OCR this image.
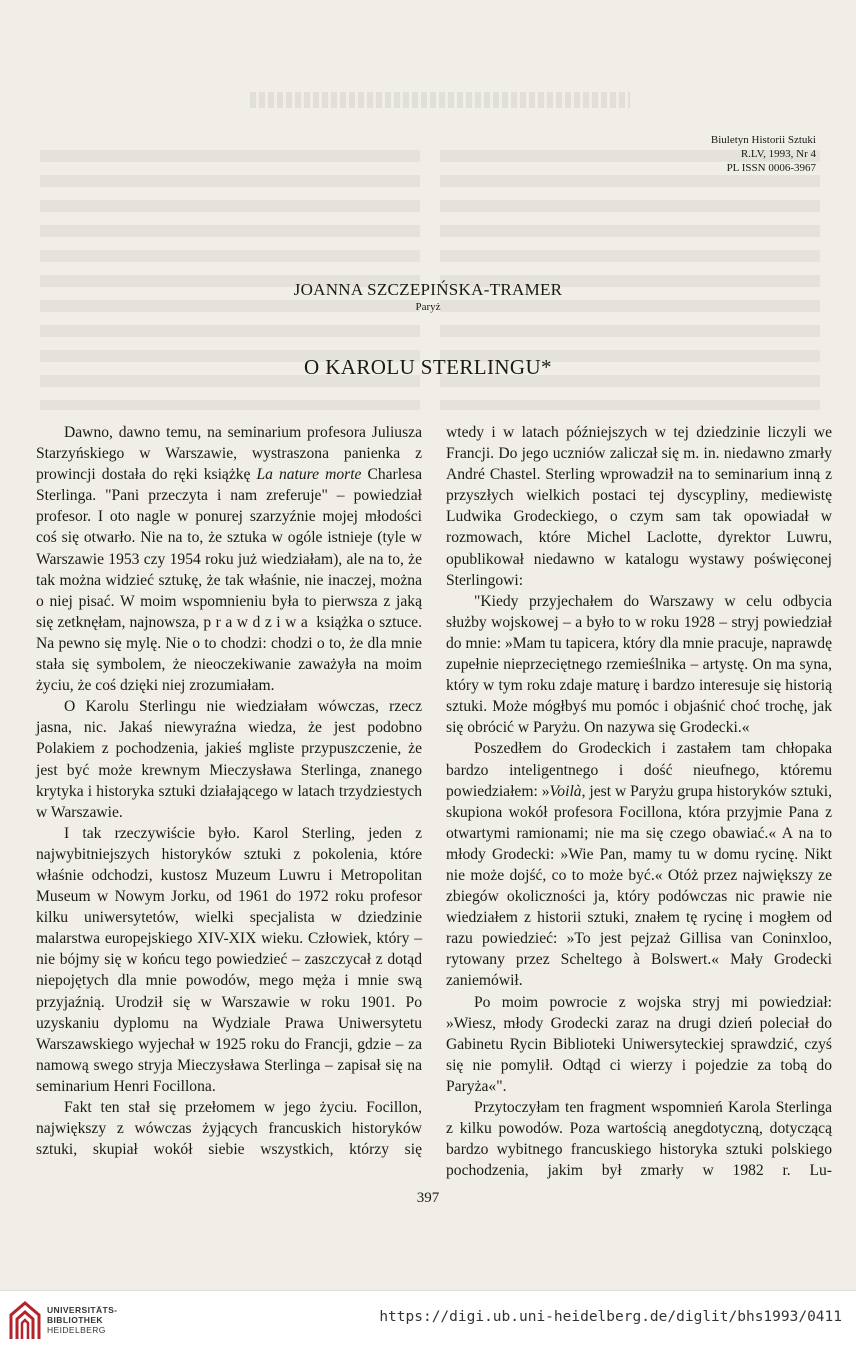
Biuletyn Historii Sztuki
R.LV, 1993, Nr 4
PL ISSN 0006-3967
JOANNA SZCZEPIŃSKA-TRAMER
Paryż
O KAROLU STERLINGU*

Dawno, dawno temu, na seminarium profesora Juliusza Starzyńskiego w Warszawie, wystraszona panienka z prowincji dostała do ręki książkę La nature morte Charlesa Sterlinga. "Pani przeczyta i nam zreferuje" – powiedział profesor. I oto nagle w ponurej szarzyźnie mojej młodości coś się otwarło. Nie na to, że sztuka w ogóle istnieje (tyle w Warszawie 1953 czy 1954 roku już wiedziałam), ale na to, że tak można widzieć sztukę, że tak właśnie, nie inaczej, można o niej pisać. W moim wspomnieniu była to pierwsza z jaką się zetknęłam, najnowsza, prawdziwa książka o sztuce. Na pewno się mylę. Nie o to chodzi: chodzi o to, że dla mnie stała się symbolem, że nieoczekiwanie zaważyła na moim życiu, że coś dzięki niej zrozumiałam.

O Karolu Sterlingu nie wiedziałam wówczas, rzecz jasna, nic. Jakaś niewyraźna wiedza, że jest podobno Polakiem z pochodzenia, jakieś mgliste przypuszczenie, że jest być może krewnym Mieczysława Sterlinga, znanego krytyka i historyka sztuki działającego w latach trzydziestych w Warszawie.

I tak rzeczywiście było. Karol Sterling, jeden z najwybitniejszych historyków sztuki z pokolenia, które właśnie odchodzi, kustosz Muzeum Luwru i Metropolitan Museum w Nowym Jorku, od 1961 do 1972 roku profesor kilku uniwersytetów, wielki specjalista w dziedzinie malarstwa europejskiego XIV-XIX wieku. Człowiek, który – nie bójmy się w końcu tego powiedzieć – zaszczycał z dotąd niepojętych dla mnie powodów, mego męża i mnie swą przyjaźnią. Urodził się w Warszawie w roku 1901. Po uzyskaniu dyplomu na Wydziale Prawa Uniwersytetu Warszawskiego wyjechał w 1925 roku do Francji, gdzie – za namową swego stryja Mieczysława Sterlinga – zapisał się na seminarium Henri Focillona.

Fakt ten stał się przełomem w jego życiu. Focillon, największy z wówczas żyjących francuskich historyków sztuki, skupiał wokół siebie wszystkich, którzy się

wtedy i w latach późniejszych w tej dziedzinie liczyli we Francji. Do jego uczniów zaliczał się m. in. niedawno zmarły André Chastel. Sterling wprowadził na to seminarium inną z przyszłych wielkich postaci tej dyscypliny, mediewistę Ludwika Grodeckiego, o czym sam tak opowiadał w rozmowach, które Michel Laclotte, dyrektor Luwru, opublikował niedawno w katalogu wystawy poświęconej Sterlingowi:

"Kiedy przyjechałem do Warszawy w celu odbycia służby wojskowej – a było to w roku 1928 – stryj powiedział do mnie: »Mam tu tapicera, który dla mnie pracuje, naprawdę zupełnie nieprzeciętnego rzemieślnika – artystę. On ma syna, który w tym roku zdaje maturę i bardzo interesuje się historią sztuki. Może mógłbyś mu pomóc i objaśnić choć trochę, jak się obrócić w Paryżu. On nazywa się Grodecki.«

Poszedłem do Grodeckich i zastałem tam chłopaka bardzo inteligentnego i dość nieufnego, któremu powiedziałem: »Voilà, jest w Paryżu grupa historyków sztuki, skupiona wokół profesora Focillona, która przyjmie Pana z otwartymi ramionami; nie ma się czego obawiać.« A na to młody Grodecki: »Wie Pan, mamy tu w domu rycinę. Nikt nie może dojść, co to może być.« Otóż przez największy ze zbiegów okoliczności ja, który podówczas nic prawie nie wiedziałem z historii sztuki, znałem tę rycinę i mogłem od razu powiedzieć: »To jest pejzaż Gillisa van Coninxloo, rytowany przez Scheltego à Bolswert.« Mały Grodecki zaniemówił.

Po moim powrocie z wojska stryj mi powiedział: »Wiesz, młody Grodecki zaraz na drugi dzień poleciał do Gabinetu Rycin Biblioteki Uniwersyteckiej sprawdzić, czyś się nie pomylił. Odtąd ci wierzy i pojedzie za tobą do Paryża«".

Przytoczyłam ten fragment wspomnień Karola Sterlinga z kilku powodów. Poza wartością anegdotyczną, dotyczącą bardzo wybitnego francuskiego historyka sztuki polskiego pochodzenia, jakim był zmarły w 1982 r. Lu-

397
UNIVERSITÄTS-
BIBLIOTHEK
HEIDELBERG
https://digi.ub.uni-heidelberg.de/diglit/bhs1993/0411
